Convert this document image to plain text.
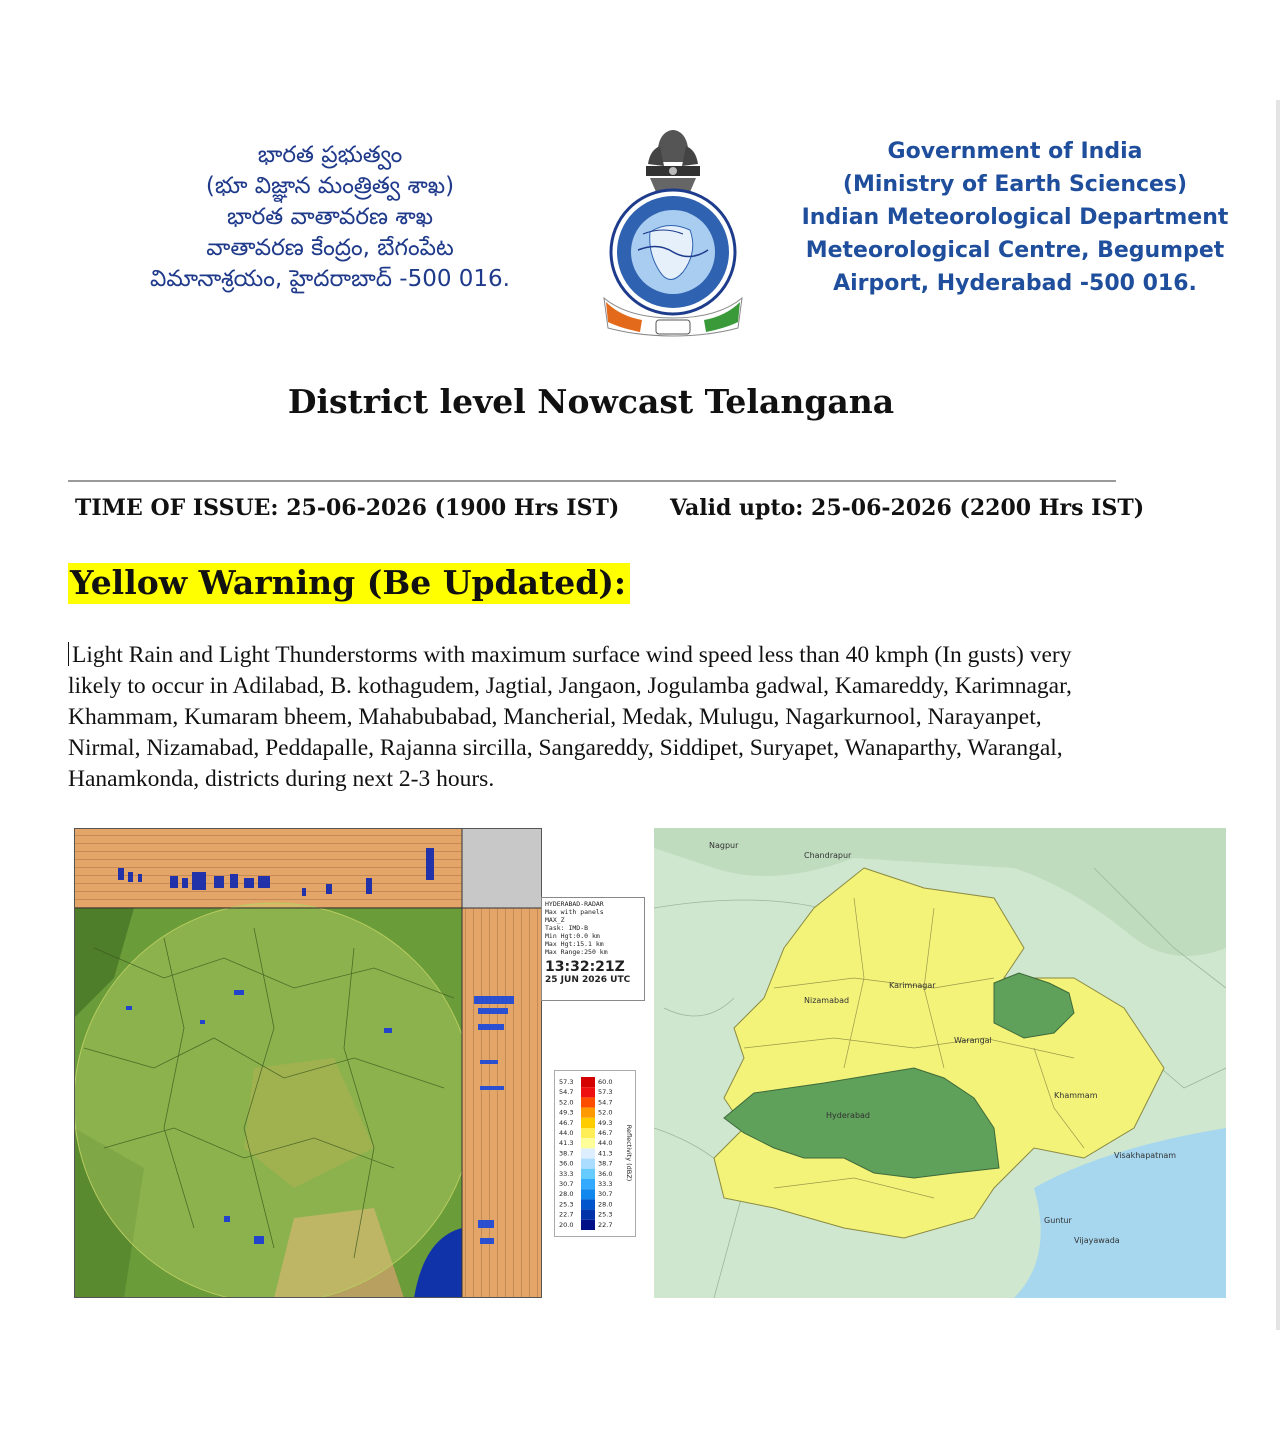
భారత ప్రభుత్వం
(భూ విజ్ఞాన మంత్రిత్వ శాఖ)
భారత వాతావరణ శాఖ
వాతావరణ కేంద్రం, బేగంపేట
విమానాశ్రయం, హైదరాబాద్ -500 016.
Government of India
(Ministry of Earth Sciences)
Indian Meteorological Department
Meteorological Centre, Begumpet
Airport, Hyderabad -500 016.
District level Nowcast Telangana
TIME OF ISSUE: 25-06-2026 (1900 Hrs IST) Valid upto: 25-06-2026 (2200 Hrs IST)
Yellow Warning (Be Updated):
Light Rain and Light Thunderstorms with maximum surface wind speed less than 40 kmph (In gusts) very likely to occur in Adilabad, B. kothagudem, Jagtial, Jangaon, Jogulamba gadwal, Kamareddy, Karimnagar, Khammam, Kumaram bheem, Mahabubabad, Mancherial, Medak, Mulugu, Nagarkurnool, Narayanpet, Nirmal, Nizamabad, Peddapalle, Rajanna sircilla, Sangareddy, Siddipet, Suryapet, Wanaparthy, Warangal, Hanamkonda, districts during next 2-3 hours.
HYDERABAD-RADAR
Max with panels
MAX_Z
Task: IMD-B
Min Hgt:0.0 km
Max Hgt:15.1 km
Max Range:250 km
13:32:21Z
25 JUN 2026 UTC
57.3	60.0
54.7	57.3
52.0	54.7
49.3	52.0
46.7	49.3
44.0	46.7
41.3	44.0
38.7	41.3
36.0	38.7
33.3	36.0
30.7	33.3
28.0	30.7
25.3	28.0
22.7	25.3
20.0	22.7
Reflectivity (dBZ)
Hyderabad
Nizamabad
Karimnagar
Warangal
Khammam
Vijayawada
Guntur
Visakhapatnam
Nagpur
Chandrapur
